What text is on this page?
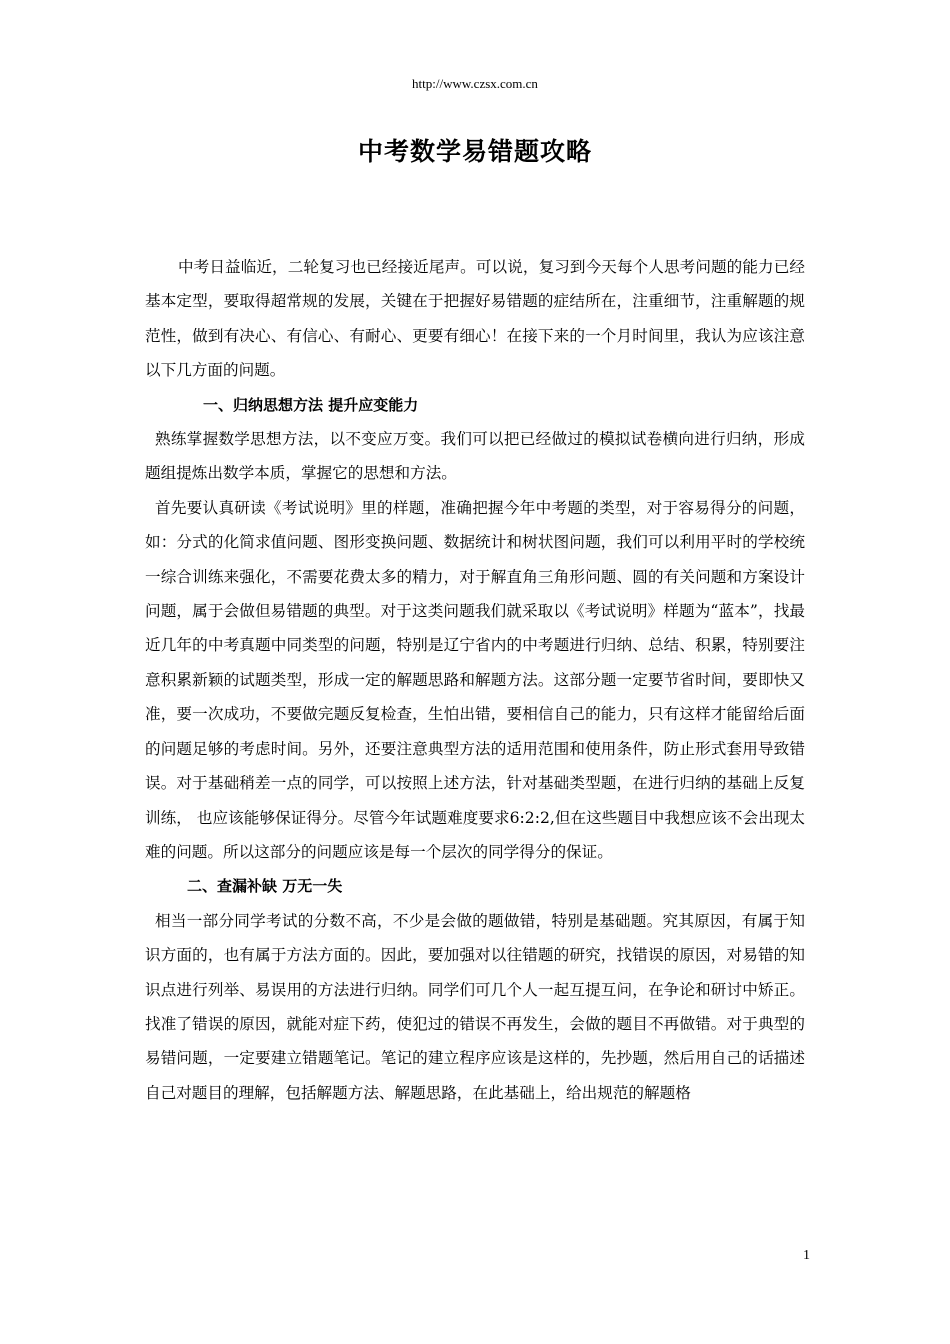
http://www.czsx.com.cn
中考数学易错题攻略

中考日益临近，二轮复习也已经接近尾声。可以说，复习到今天每个人思考问题的能力已经基本定型，要取得超常规的发展，关键在于把握好易错题的症结所在，注重细节，注重解题的规范性，做到有决心、有信心、有耐心、更要有细心！在接下来的一个月时间里，我认为应该注意以下几方面的问题。

一、归纳思想方法 提升应变能力

熟练掌握数学思想方法，以不变应万变。我们可以把已经做过的模拟试卷横向进行归纳，形成题组提炼出数学本质，掌握它的思想和方法。

首先要认真研读《考试说明》里的样题，准确把握今年中考题的类型，对于容易得分的问题，如：分式的化简求值问题、图形变换问题、数据统计和树状图问题，我们可以利用平时的学校统一综合训练来强化，不需要花费太多的精力，对于解直角三角形问题、圆的有关问题和方案设计问题，属于会做但易错题的典型。对于这类问题我们就采取以《考试说明》样题为“蓝本”，找最近几年的中考真题中同类型的问题，特别是辽宁省内的中考题进行归纳、总结、积累，特别要注意积累新颖的试题类型，形成一定的解题思路和解题方法。这部分题一定要节省时间，要即快又准，要一次成功，不要做完题反复检查，生怕出错，要相信自己的能力，只有这样才能留给后面的问题足够的考虑时间。另外，还要注意典型方法的适用范围和使用条件，防止形式套用导致错误。对于基础稍差一点的同学，可以按照上述方法，针对基础类型题，在进行归纳的基础上反复训练， 也应该能够保证得分。尽管今年试题难度要求6:2:2,但在这些题目中我想应该不会出现太难的问题。所以这部分的问题应该是每一个层次的同学得分的保证。

二、查漏补缺 万无一失

相当一部分同学考试的分数不高，不少是会做的题做错，特别是基础题。究其原因，有属于知识方面的，也有属于方法方面的。因此，要加强对以往错题的研究，找错误的原因，对易错的知识点进行列举、易误用的方法进行归纳。同学们可几个人一起互提互问，在争论和研讨中矫正。找准了错误的原因，就能对症下药，使犯过的错误不再发生，会做的题目不再做错。对于典型的易错问题，一定要建立错题笔记。笔记的建立程序应该是这样的，先抄题，然后用自己的话描述自己对题目的理解，包括解题方法、解题思路，在此基础上，给出规范的解题格

1
